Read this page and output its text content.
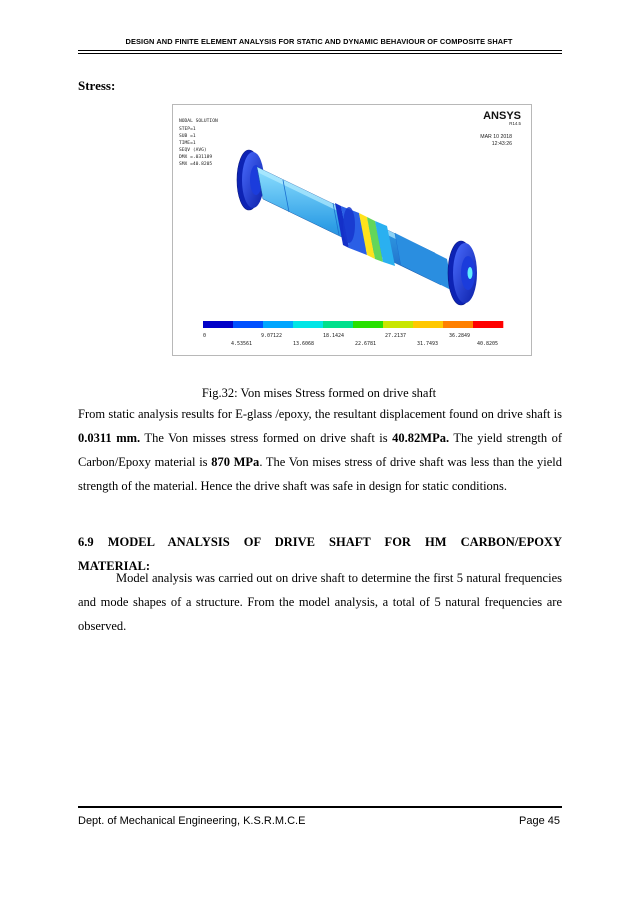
DESIGN AND FINITE ELEMENT ANALYSIS FOR STATIC AND DYNAMIC BEHAVIOUR OF COMPOSITE SHAFT
Stress:
NODAL SOLUTION
STEP=1
SUB =1
TIME=1
SEQV (AVG)
DMX =.031189
SMX =40.8205
ANSYS
R14.5
MAR 10 2018
12:43:26
0	9.07122	18.1424	27.2137	36.2849
4.53561	13.6068	22.6781	31.7493	40.8205
Fig.32: Von mises Stress formed on drive shaft
From static analysis results for E-glass /epoxy, the resultant displacement found on drive shaft is 0.0311 mm. The Von misses stress formed on drive shaft is 40.82MPa. The yield strength of Carbon/Epoxy material is 870 MPa. The Von mises stress of drive shaft was less than the yield strength of the material. Hence the drive shaft was safe in design for static conditions.
6.9 MODEL ANALYSIS OF DRIVE SHAFT FOR HM CARBON/EPOXY
MATERIAL:
Model analysis was carried out on drive shaft to determine the first 5 natural frequencies and mode shapes of a structure. From the model analysis, a total of 5 natural frequencies are observed.
Dept. of Mechanical Engineering, K.S.R.M.C.E	Page 45
